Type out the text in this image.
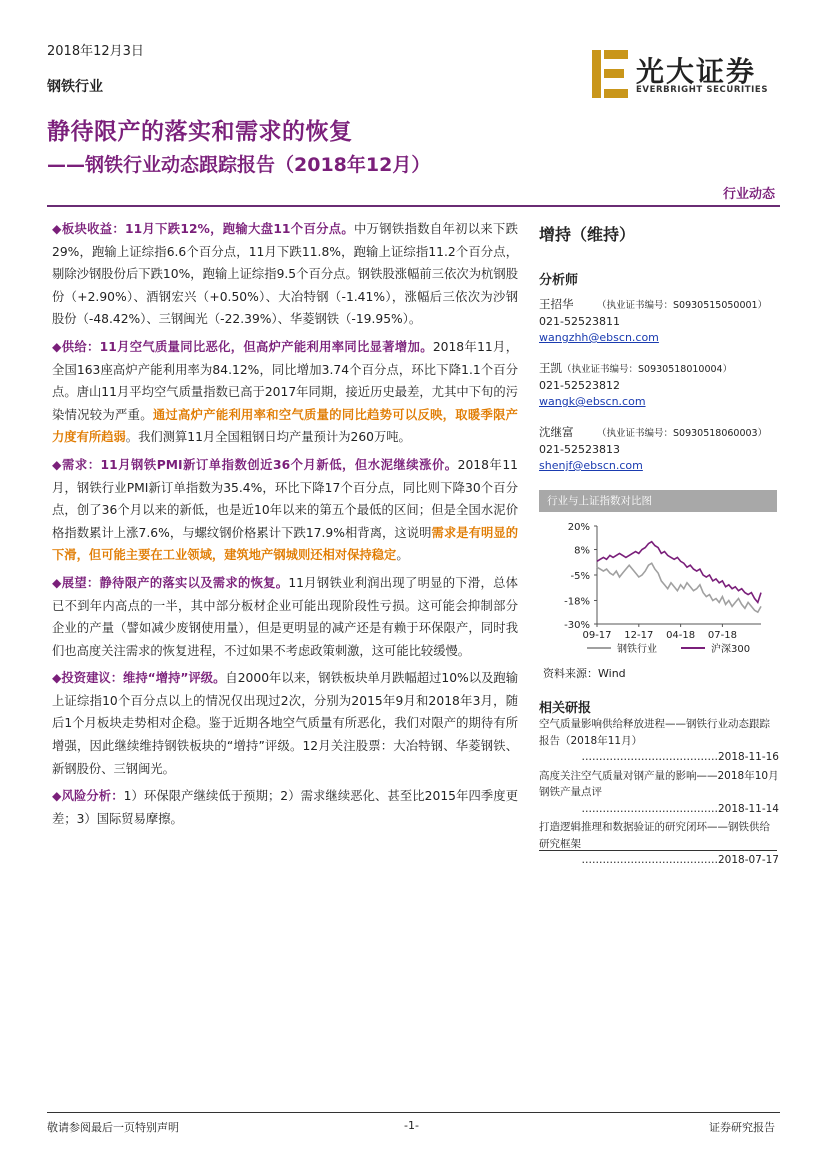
2018年12月3日
钢铁行业	光大证券
EVERBRIGHT SECURITIES
静待限产的落实和需求的恢复
——钢铁行业动态跟踪报告（2018年12月）
行业动态

◆板块收益：11月下跌12%，跑输大盘11个百分点。中万钢铁指数自年初以来下跌29%，跑输上证综指6.6个百分点，11月下跌11.8%，跑输上证综指11.2个百分点，剔除沙钢股份后下跌10%，跑输上证综指9.5个百分点。钢铁股涨幅前三依次为杭钢股份（+2.90%）、酒钢宏兴（+0.50%）、大冶特钢（-1.41%），涨幅后三依次为沙钢股份（-48.42%）、三钢闽光（-22.39%）、华菱钢铁（-19.95%）。

◆供给：11月空气质量同比恶化，但高炉产能利用率同比显著增加。2018年11月，全国163座高炉产能利用率为84.12%，同比增加3.74个百分点，环比下降1.1个百分点。唐山11月平均空气质量指数已高于2017年同期，接近历史最差，尤其中下旬的污染情况较为严重。通过高炉产能利用率和空气质量的同比趋势可以反映，取暖季限产力度有所趋弱。我们测算11月全国粗钢日均产量预计为260万吨。

◆需求：11月钢铁PMI新订单指数创近36个月新低，但水泥继续涨价。2018年11月，钢铁行业PMI新订单指数为35.4%，环比下降17个百分点，同比则下降30个百分点，创了36个月以来的新低，也是近10年以来的第五个最低的区间；但是全国水泥价格指数累计上涨7.6%，与螺纹钢价格累计下跌17.9%相背离，这说明需求是有明显的下滑，但可能主要在工业领域，建筑地产钢城则还相对保持稳定。

◆展望：静待限产的落实以及需求的恢复。11月钢铁业利润出现了明显的下滑，总体已不到年内高点的一半，其中部分板材企业可能出现阶段性亏损。这可能会抑制部分企业的产量（譬如减少废钢使用量），但是更明显的减产还是有赖于环保限产，同时我们也高度关注需求的恢复进程，不过如果不考虑政策刺激，这可能比较缓慢。

◆投资建议：维持“增持”评级。自2000年以来，钢铁板块单月跌幅超过10%以及跑输上证综指10个百分点以上的情况仅出现过2次，分别为2015年9月和2018年3月，随后1个月板块走势相对企稳。鉴于近期各地空气质量有所恶化，我们对限产的期待有所增强，因此继续维持钢铁板块的“增持”评级。12月关注股票：大冶特钢、华菱钢铁、新钢股份、三钢闽光。

◆风险分析：1）环保限产继续低于预期；2）需求继续恶化、甚至比2015年四季度更差；3）国际贸易摩擦。

增持（维持）
分析师
王招华 （执业证书编号：S0930515050001）
021-52523811
wangzhh@ebscn.com
王凯（执业证书编号：S0930518010004）
021-52523812
wangk@ebscn.com
沈继富 （执业证书编号：S0930518060003）
021-52523813
shenjf@ebscn.com
行业与上证指数对比图
20%
8%
-5%
-18%
-30%
09-17 12-17 04-18 07-18
钢铁行业	沪深300
资料来源：Wind
相关研报

空气质量影响供给释放进程——钢铁行业动态跟踪报告（2018年11月）

…………………………………2018-11-16

高度关注空气质量对钢产量的影响——2018年10月钢铁产量点评

…………………………………2018-11-14

打造逻辑推理和数据验证的研究闭环——钢铁供给研究框架

…………………………………2018-07-17

敬请参阅最后一页特别声明	-1-	证券研究报告
